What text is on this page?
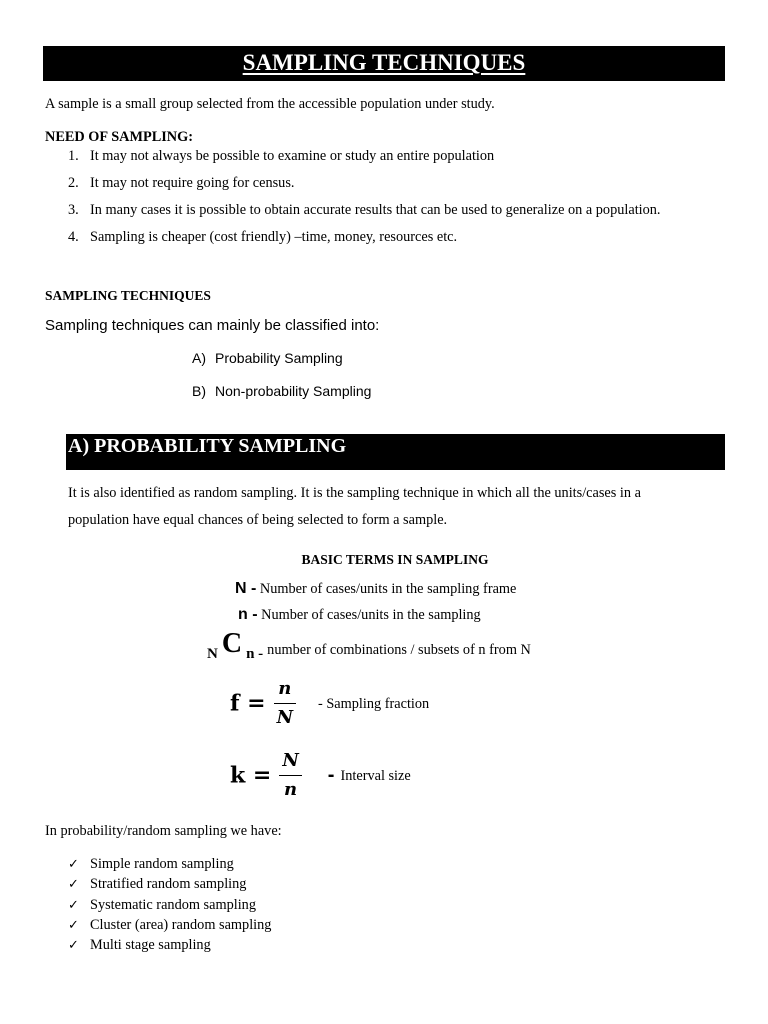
SAMPLING TECHNIQUES
A sample is a small group selected from the accessible population under study.
NEED OF SAMPLING:
1. It may not always be possible to examine or study an entire population
2. It may not require going for census.
3. In many cases it is possible to obtain accurate results that can be used to generalize on a population.
4. Sampling is cheaper (cost friendly) –time, money, resources etc.
SAMPLING TECHNIQUES
Sampling techniques can mainly be classified into:
A) Probability Sampling
B) Non-probability Sampling
A) PROBABILITY SAMPLING
It is also identified as random sampling. It is the sampling technique in which all the units/cases in a
population have equal chances of being selected to form a sample.
BASIC TERMS IN SAMPLING
N - Number of cases/units in the sampling frame
n - Number of cases/units in the sampling
N C n - number of combinations / subsets of n from N
$f = \frac{n}{N}$ - Sampling fraction
$k = \frac{N}{n}$ - Interval size
In probability/random sampling we have:
✓ Simple random sampling
✓ Stratified random sampling
✓ Systematic random sampling
✓ Cluster (area) random sampling
✓ Multi stage sampling
